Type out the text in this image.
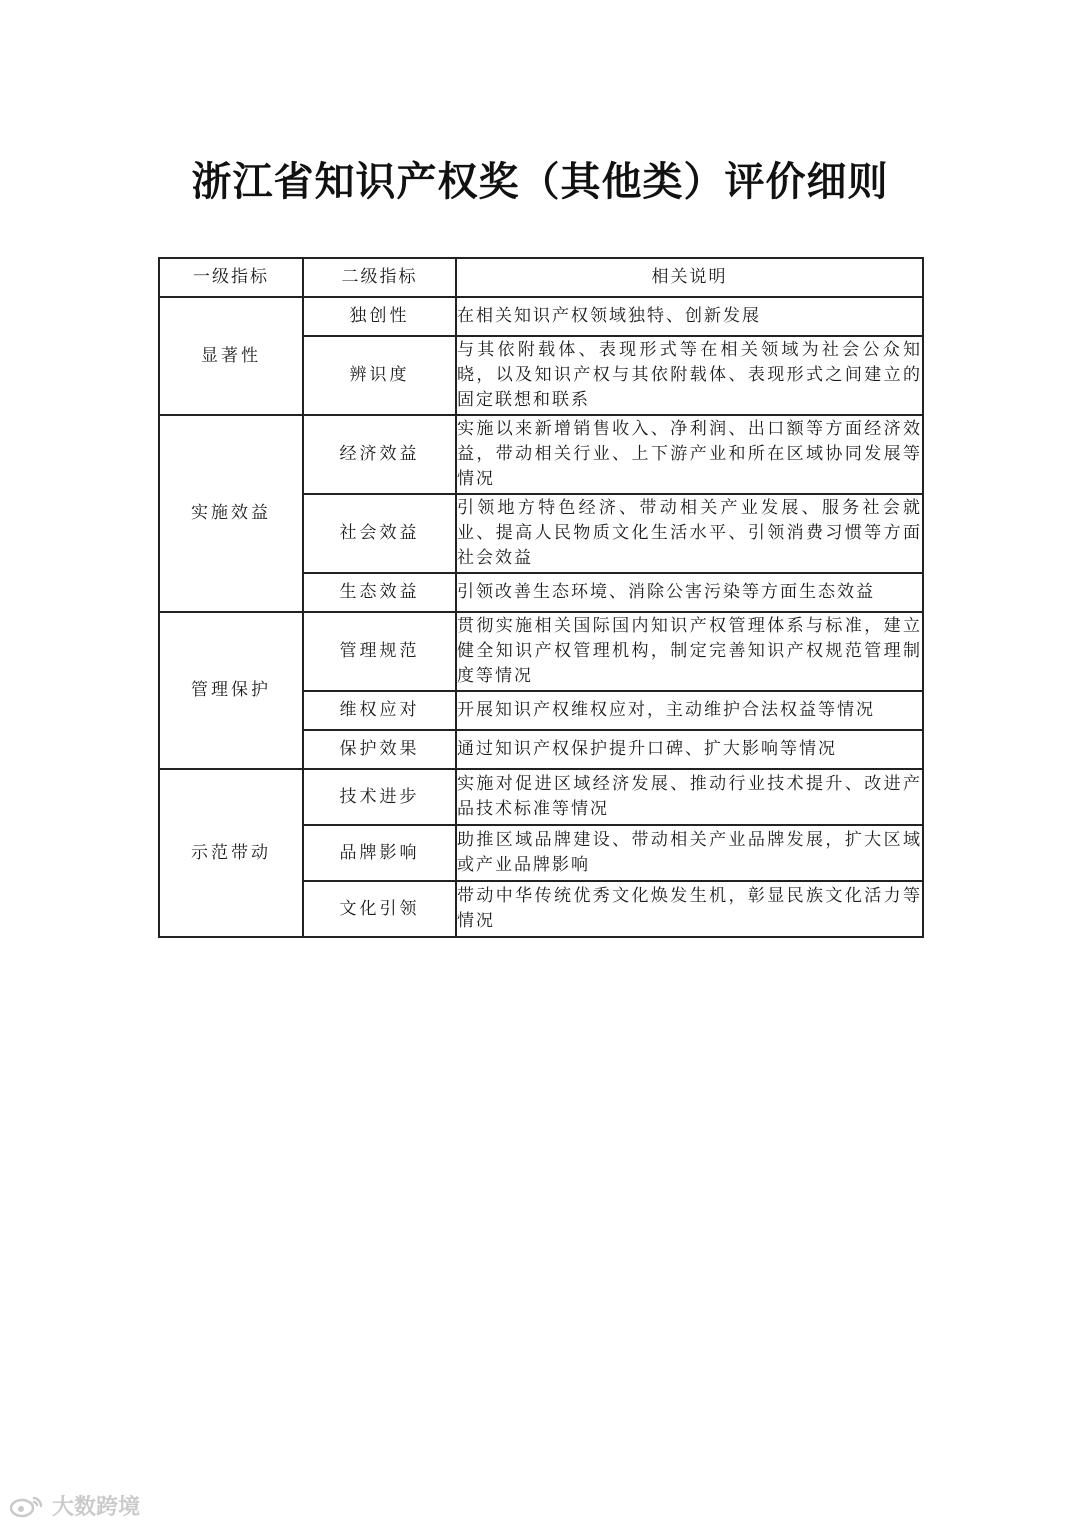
浙江省知识产权奖（其他类）评价细则
一级指标	二级指标	相关说明
显著性	独创性	在相关知识产权领域独特、创新发展
	辨识度	与其依附载体、表现形式等在相关领域为社会公众知晓，以及知识产权与其依附载体、表现形式之间建立的固定联想和联系
实施效益	经济效益	实施以来新增销售收入、净利润、出口额等方面经济效益，带动相关行业、上下游产业和所在区域协同发展等情况
	社会效益	引领地方特色经济、带动相关产业发展、服务社会就业、提高人民物质文化生活水平、引领消费习惯等方面社会效益
	生态效益	引领改善生态环境、消除公害污染等方面生态效益
管理保护	管理规范	贯彻实施相关国际国内知识产权管理体系与标准，建立健全知识产权管理机构，制定完善知识产权规范管理制度等情况
	维权应对	开展知识产权维权应对，主动维护合法权益等情况
	保护效果	通过知识产权保护提升口碑、扩大影响等情况
示范带动	技术进步	实施对促进区域经济发展、推动行业技术提升、改进产品技术标准等情况
	品牌影响	助推区域品牌建设、带动相关产业品牌发展，扩大区域或产业品牌影响
	文化引领	带动中华传统优秀文化焕发生机，彰显民族文化活力等情况
大数跨境
